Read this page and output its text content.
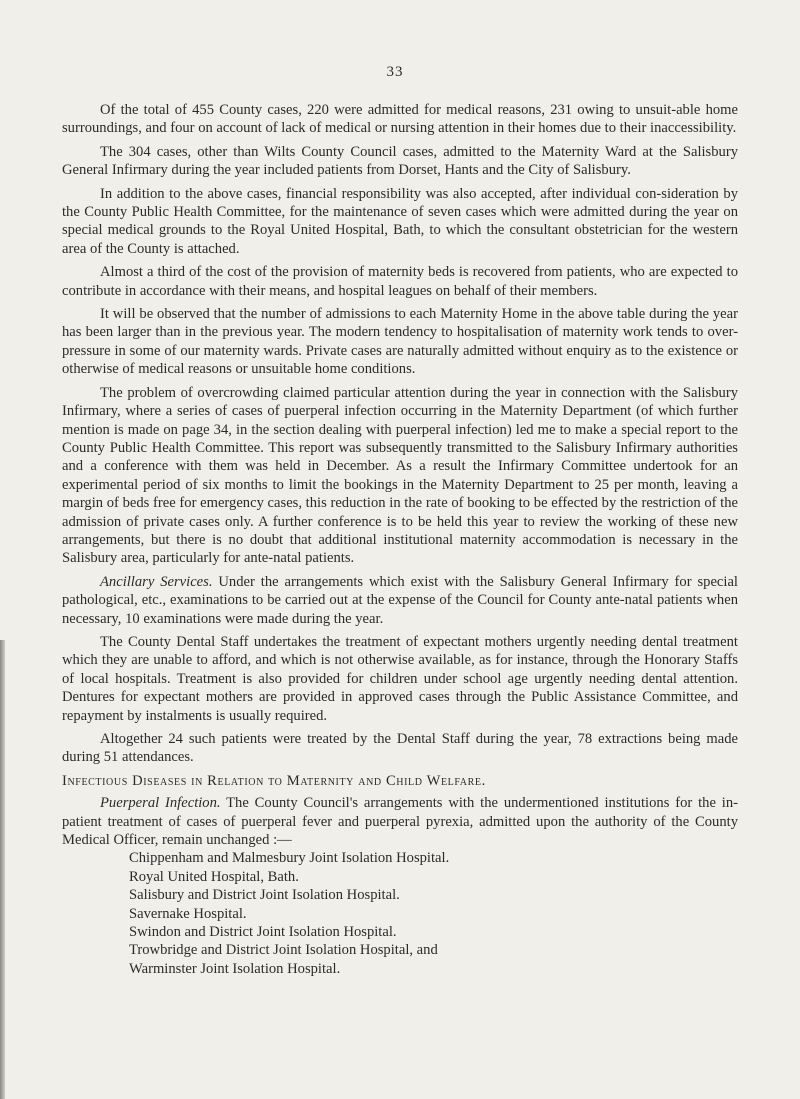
33

Of the total of 455 County cases, 220 were admitted for medical reasons, 231 owing to unsuit-able home surroundings, and four on account of lack of medical or nursing attention in their homes due to their inaccessibility.

The 304 cases, other than Wilts County Council cases, admitted to the Maternity Ward at the Salisbury General Infirmary during the year included patients from Dorset, Hants and the City of Salisbury.

In addition to the above cases, financial responsibility was also accepted, after individual con-sideration by the County Public Health Committee, for the maintenance of seven cases which were admitted during the year on special medical grounds to the Royal United Hospital, Bath, to which the consultant obstetrician for the western area of the County is attached.

Almost a third of the cost of the provision of maternity beds is recovered from patients, who are expected to contribute in accordance with their means, and hospital leagues on behalf of their members.

It will be observed that the number of admissions to each Maternity Home in the above table during the year has been larger than in the previous year. The modern tendency to hospitalisation of maternity work tends to over-pressure in some of our maternity wards. Private cases are naturally admitted without enquiry as to the existence or otherwise of medical reasons or unsuitable home conditions.

The problem of overcrowding claimed particular attention during the year in connection with the Salisbury Infirmary, where a series of cases of puerperal infection occurring in the Maternity Department (of which further mention is made on page 34, in the section dealing with puerperal infection) led me to make a special report to the County Public Health Committee. This report was subsequently transmitted to the Salisbury Infirmary authorities and a conference with them was held in December. As a result the Infirmary Committee undertook for an experimental period of six months to limit the bookings in the Maternity Department to 25 per month, leaving a margin of beds free for emergency cases, this reduction in the rate of booking to be effected by the restriction of the admission of private cases only. A further conference is to be held this year to review the working of these new arrangements, but there is no doubt that additional institutional maternity accommodation is necessary in the Salisbury area, particularly for ante-natal patients.

Ancillary Services. Under the arrangements which exist with the Salisbury General Infirmary for special pathological, etc., examinations to be carried out at the expense of the Council for County ante-natal patients when necessary, 10 examinations were made during the year.

The County Dental Staff undertakes the treatment of expectant mothers urgently needing dental treatment which they are unable to afford, and which is not otherwise available, as for instance, through the Honorary Staffs of local hospitals. Treatment is also provided for children under school age urgently needing dental attention. Dentures for expectant mothers are provided in approved cases through the Public Assistance Committee, and repayment by instalments is usually required.

Altogether 24 such patients were treated by the Dental Staff during the year, 78 extractions being made during 51 attendances.

Infectious Diseases in Relation to Maternity and Child Welfare.

Puerperal Infection. The County Council's arrangements with the undermentioned institutions for the in-patient treatment of cases of puerperal fever and puerperal pyrexia, admitted upon the authority of the County Medical Officer, remain unchanged :—

Chippenham and Malmesbury Joint Isolation Hospital.
Royal United Hospital, Bath.
Salisbury and District Joint Isolation Hospital.
Savernake Hospital.
Swindon and District Joint Isolation Hospital.
Trowbridge and District Joint Isolation Hospital, and
Warminster Joint Isolation Hospital.
